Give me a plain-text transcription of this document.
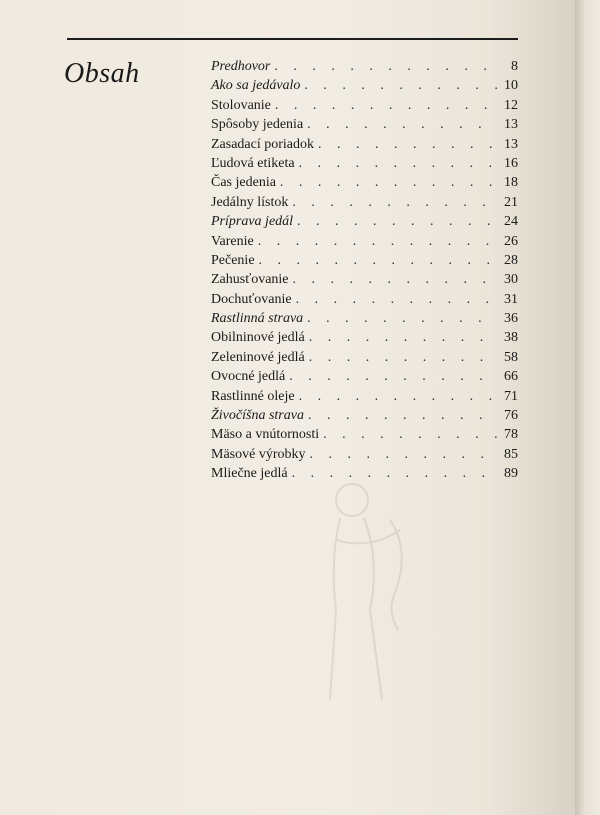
Obsah	Predhovor . . .	8
Ako sa jedávalo . . .	10
Stolovanie . . .	12
Spôsoby jedenia . . .	13
Zasadací poriadok . . .	13
Ľudová etiketa . . .	16
Čas jedenia . . .	18
Jedálny lístok . . .	21
Príprava jedál . . .	24
Varenie . . .	26
Pečenie . . .	28
Zahusťovanie . . .	30
Dochuťovanie . . .	31
Rastlinná strava . . .	36
Obilninové jedlá . . .	38
Zeleninové jedlá . . .	58
Ovocné jedlá . . .	66
Rastlinné oleje . . .	71
Živočíšna strava . . .	76
Mäso a vnútornosti . . .	78
Mäsové výrobky . . .	85
Mliečne jedlá . . .	89
